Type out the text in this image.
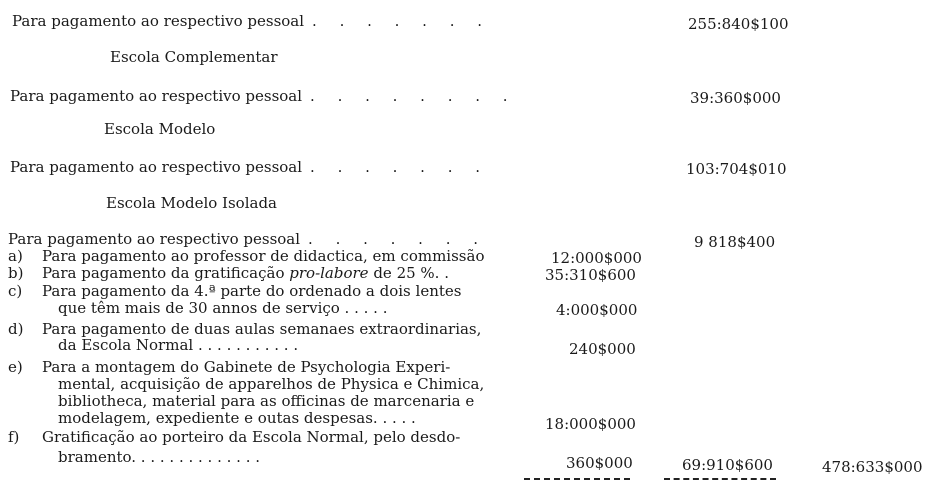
Para pagamento ao respectivo pessoal . . . . . . .	255:840$100
Escola Complementar
Para pagamento ao respectivo pessoal . . . . . . . .	39:360$000
Escola Modelo
Para pagamento ao respectivo pessoal . . . . . . .	103:704$010
Escola Modelo Isolada
Para pagamento ao respectivo pessoal . . . . . . .	9 818$400
a) Para pagamento ao professor de didactica, em commissão	12:000$000
b) Para pagamento da gratificação pro-labore de 25 %. .	35:310$600
c) Para pagamento da 4.ª parte do ordenado a dois lentes
que têm mais de 30 annos de serviço . . . . .	4:000$000
d) Para pagamento de duas aulas semanaes extraordinarias,
da Escola Normal . . . . . . . . . . .	240$000
e) Para a montagem do Gabinete de Psychologia Experi-
mental, acquisição de apparelhos de Physica e Chimica,
bibliotheca, material para as officinas de marcenaria e
modelagem, expediente e outas despesas. . . . .	18:000$000
f) Gratificação ao porteiro da Escola Normal, pelo desdo-
bramento. . . . . . . . . . . . . .	360$000	69:910$600	478:633$000
